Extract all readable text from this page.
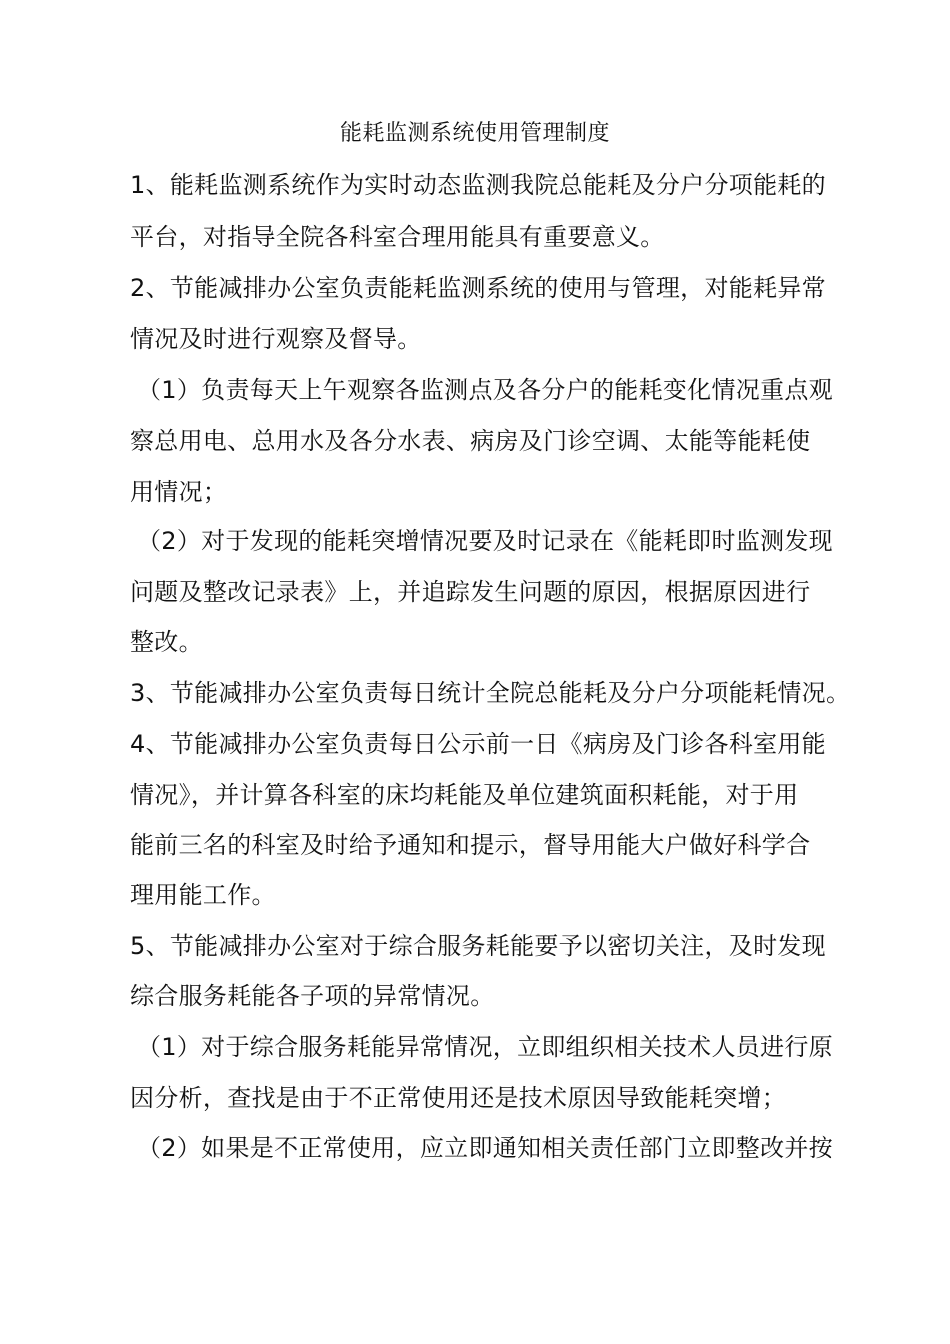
能耗监测系统使用管理制度
1、能耗监测系统作为实时动态监测我院总能耗及分户分项能耗的
平台，对指导全院各科室合理用能具有重要意义。
2、节能减排办公室负责能耗监测系统的使用与管理，对能耗异常
情况及时进行观察及督导。
（1）负责每天上午观察各监测点及各分户的能耗变化情况重点观
察总用电、总用水及各分水表、病房及门诊空调、太能等能耗使
用情况；
（2）对于发现的能耗突增情况要及时记录在《能耗即时监测发现
问题及整改记录表》上，并追踪发生问题的原因，根据原因进行
整改。
3、节能减排办公室负责每日统计全院总能耗及分户分项能耗情况。
4、节能减排办公室负责每日公示前一日《病房及门诊各科室用能
情况》，并计算各科室的床均耗能及单位建筑面积耗能，对于用
能前三名的科室及时给予通知和提示，督导用能大户做好科学合
理用能工作。
5、节能减排办公室对于综合服务耗能要予以密切关注，及时发现
综合服务耗能各子项的异常情况。
（1）对于综合服务耗能异常情况，立即组织相关技术人员进行原
因分析，查找是由于不正常使用还是技术原因导致能耗突增；
（2）如果是不正常使用，应立即通知相关责任部门立即整改并按
